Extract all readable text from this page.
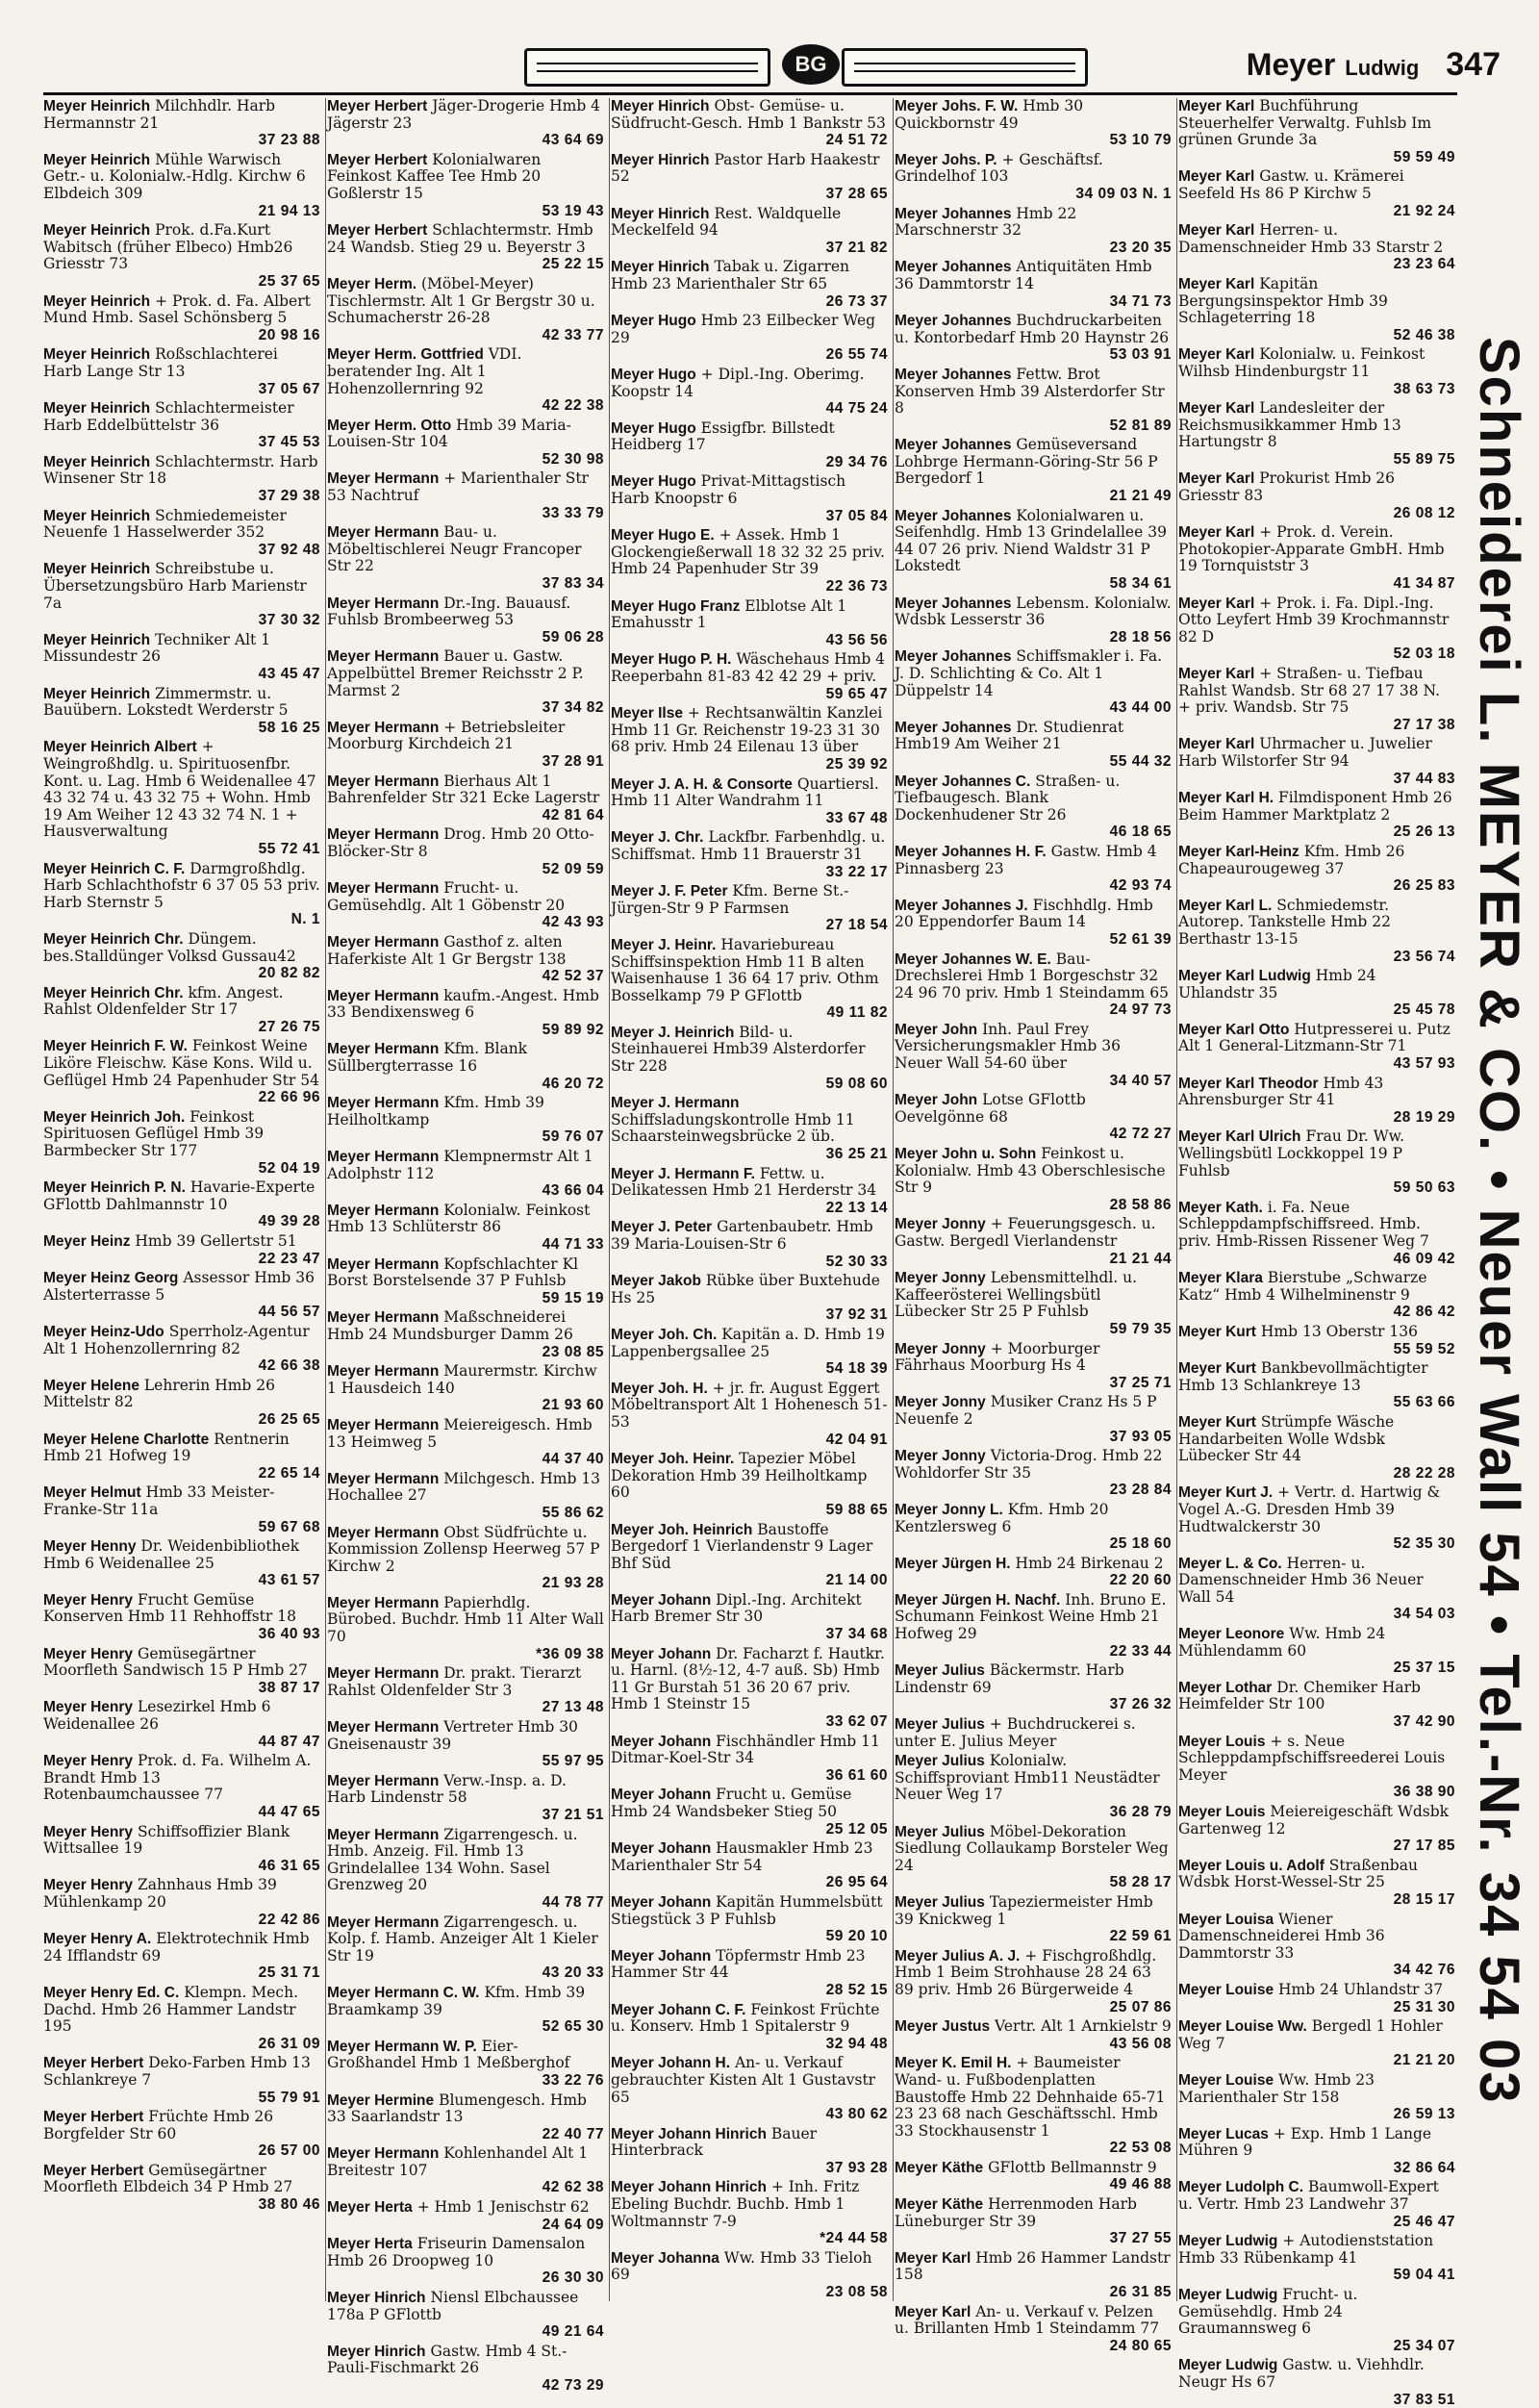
BG	Meyer Ludwig 347
Meyer Heinrich Milchhdlr. Harb Hermannstr 21
37 23 88
Meyer Heinrich Mühle Warwisch Getr.- u. Kolonialw.-Hdlg. Kirchw 6 Elbdeich 309
21 94 13
Meyer Heinrich Prok. d.Fa.Kurt Wabitsch (früher Elbeco) Hmb26 Griesstr 73
25 37 65
Meyer Heinrich + Prok. d. Fa. Albert Mund Hmb. Sasel Schönsberg 5
20 98 16
Meyer Heinrich Roßschlachterei Harb Lange Str 13
37 05 67
Meyer Heinrich Schlachtermeister Harb Eddelbüttelstr 36
37 45 53
Meyer Heinrich Schlachtermstr. Harb Winsener Str 18
37 29 38
Meyer Heinrich Schmiedemeister Neuenfe 1 Hasselwerder 352
37 92 48
Meyer Heinrich Schreibstube u. Übersetzungsbüro Harb Marienstr 7a
37 30 32
Meyer Heinrich Techniker Alt 1 Missundestr 26
43 45 47
Meyer Heinrich Zimmermstr. u. Bauübern. Lokstedt Werderstr 5
58 16 25
Meyer Heinrich Albert + Weingroßhdlg. u. Spirituosenfbr. Kont. u. Lag. Hmb 6 Weidenallee 47 43 32 74 u. 43 32 75 + Wohn. Hmb 19 Am Weiher 12 43 32 74 N. 1 + Hausverwaltung
55 72 41
Meyer Heinrich C. F. Darmgroßhdlg. Harb Schlachthofstr 6 37 05 53 priv. Harb Sternstr 5
N. 1
Meyer Heinrich Chr. Düngem. bes.Stalldünger Volksd Gussau42
20 82 82
Meyer Heinrich Chr. kfm. Angest. Rahlst Oldenfelder Str 17
27 26 75
Meyer Heinrich F. W. Feinkost Weine Liköre Fleischw. Käse Kons. Wild u. Geflügel Hmb 24 Papenhuder Str 54
22 66 96
Meyer Heinrich Joh. Feinkost Spirituosen Geflügel Hmb 39 Barmbecker Str 177
52 04 19
Meyer Heinrich P. N. Havarie-Experte GFlottb Dahlmannstr 10
49 39 28
Meyer Heinz Hmb 39 Gellertstr 51
22 23 47
Meyer Heinz Georg Assessor Hmb 36 Alsterterrasse 5
44 56 57
Meyer Heinz-Udo Sperrholz-Agentur Alt 1 Hohenzollernring 82
42 66 38
Meyer Helene Lehrerin Hmb 26 Mittelstr 82
26 25 65
Meyer Helene Charlotte Rentnerin Hmb 21 Hofweg 19
22 65 14
Meyer Helmut Hmb 33 Meister-Franke-Str 11a
59 67 68
Meyer Henny Dr. Weidenbibliothek Hmb 6 Weidenallee 25
43 61 57
Meyer Henry Frucht Gemüse Konserven Hmb 11 Rehhoffstr 18
36 40 93
Meyer Henry Gemüsegärtner Moorfleth Sandwisch 15 P Hmb 27
38 87 17
Meyer Henry Lesezirkel Hmb 6 Weidenallee 26
44 87 47
Meyer Henry Prok. d. Fa. Wilhelm A. Brandt Hmb 13 Rotenbaumchaussee 77
44 47 65
Meyer Henry Schiffsoffizier Blank Wittsallee 19
46 31 65
Meyer Henry Zahnhaus Hmb 39 Mühlenkamp 20
22 42 86
Meyer Henry A. Elektrotechnik Hmb 24 Ifflandstr 69
25 31 71
Meyer Henry Ed. C. Klempn. Mech. Dachd. Hmb 26 Hammer Landstr 195
26 31 09
Meyer Herbert Deko-Farben Hmb 13 Schlankreye 7
55 79 91
Meyer Herbert Früchte Hmb 26 Borgfelder Str 60
26 57 00
Meyer Herbert Gemüsegärtner Moorfleth Elbdeich 34 P Hmb 27
38 80 46
Meyer Herbert Jäger-Drogerie Hmb 4 Jägerstr 23
43 64 69
Meyer Herbert Kolonialwaren Feinkost Kaffee Tee Hmb 20 Goßlerstr 15
53 19 43
Meyer Herbert Schlachtermstr. Hmb 24 Wandsb. Stieg 29 u. Beyerstr 3
25 22 15
Meyer Herm. (Möbel-Meyer) Tischlermstr. Alt 1 Gr Bergstr 30 u. Schumacherstr 26-28
42 33 77
Meyer Herm. Gottfried VDI. beratender Ing. Alt 1 Hohenzollernring 92
42 22 38
Meyer Herm. Otto Hmb 39 Maria-Louisen-Str 104
52 30 98
Meyer Hermann + Marienthaler Str 53 Nachtruf
33 33 79
Meyer Hermann Bau- u. Möbeltischlerei Neugr Francoper Str 22
37 83 34
Meyer Hermann Dr.-Ing. Bauausf. Fuhlsb Brombeerweg 53
59 06 28
Meyer Hermann Bauer u. Gastw. Appelbüttel Bremer Reichsstr 2 P. Marmst 2
37 34 82
Meyer Hermann + Betriebsleiter Moorburg Kirchdeich 21
37 28 91
Meyer Hermann Bierhaus Alt 1 Bahrenfelder Str 321 Ecke Lagerstr
42 81 64
Meyer Hermann Drog. Hmb 20 Otto-Blöcker-Str 8
52 09 59
Meyer Hermann Frucht- u. Gemüsehdlg. Alt 1 Göbenstr 20
42 43 93
Meyer Hermann Gasthof z. alten Haferkiste Alt 1 Gr Bergstr 138
42 52 37
Meyer Hermann kaufm.-Angest. Hmb 33 Bendixensweg 6
59 89 92
Meyer Hermann Kfm. Blank Süllbergterrasse 16
46 20 72
Meyer Hermann Kfm. Hmb 39 Heilholtkamp
59 76 07
Meyer Hermann Klempnermstr Alt 1 Adolphstr 112
43 66 04
Meyer Hermann Kolonialw. Feinkost Hmb 13 Schlüterstr 86
44 71 33
Meyer Hermann Kopfschlachter Kl Borst Borstelsende 37 P Fuhlsb
59 15 19
Meyer Hermann Maßschneiderei Hmb 24 Mundsburger Damm 26
23 08 85
Meyer Hermann Maurermstr. Kirchw 1 Hausdeich 140
21 93 60
Meyer Hermann Meiereigesch. Hmb 13 Heimweg 5
44 37 40
Meyer Hermann Milchgesch. Hmb 13 Hochallee 27
55 86 62
Meyer Hermann Obst Südfrüchte u. Kommission Zollensp Heerweg 57 P Kirchw 2
21 93 28
Meyer Hermann Papierhdlg. Bürobed. Buchdr. Hmb 11 Alter Wall 70
*36 09 38
Meyer Hermann Dr. prakt. Tierarzt Rahlst Oldenfelder Str 3
27 13 48
Meyer Hermann Vertreter Hmb 30 Gneisenaustr 39
55 97 95
Meyer Hermann Verw.-Insp. a. D. Harb Lindenstr 58
37 21 51
Meyer Hermann Zigarrengesch. u. Hmb. Anzeig. Fil. Hmb 13 Grindelallee 134 Wohn. Sasel Grenzweg 20
44 78 77
Meyer Hermann Zigarrengesch. u. Kolp. f. Hamb. Anzeiger Alt 1 Kieler Str 19
43 20 33
Meyer Hermann C. W. Kfm. Hmb 39 Braamkamp 39
52 65 30
Meyer Hermann W. P. Eier-Großhandel Hmb 1 Meßberghof
33 22 76
Meyer Hermine Blumengesch. Hmb 33 Saarlandstr 13
22 40 77
Meyer Hermann Kohlenhandel Alt 1 Breitestr 107
42 62 38
Meyer Herta + Hmb 1 Jenischstr 62
24 64 09
Meyer Herta Friseurin Damensalon Hmb 26 Droopweg 10
26 30 30
Meyer Hinrich Niensl Elbchaussee 178a P GFlottb
49 21 64
Meyer Hinrich Gastw. Hmb 4 St.-Pauli-Fischmarkt 26
42 73 29
Meyer Hinrich Obst- Gemüse- u. Südfrucht-Gesch. Hmb 1 Bankstr 53
24 51 72
Meyer Hinrich Pastor Harb Haakestr 52
37 28 65
Meyer Hinrich Rest. Waldquelle Meckelfeld 94
37 21 82
Meyer Hinrich Tabak u. Zigarren Hmb 23 Marienthaler Str 65
26 73 37
Meyer Hugo Hmb 23 Eilbecker Weg 29
26 55 74
Meyer Hugo + Dipl.-Ing. Oberimg. Koopstr 14
44 75 24
Meyer Hugo Essigfbr. Billstedt Heidberg 17
29 34 76
Meyer Hugo Privat-Mittagstisch Harb Knoopstr 6
37 05 84
Meyer Hugo E. + Assek. Hmb 1 Glockengießerwall 18 32 32 25 priv. Hmb 24 Papenhuder Str 39
22 36 73
Meyer Hugo Franz Elblotse Alt 1 Emahusstr 1
43 56 56
Meyer Hugo P. H. Wäschehaus Hmb 4 Reeperbahn 81-83 42 42 29 + priv.
59 65 47
Meyer Ilse + Rechtsanwältin Kanzlei Hmb 11 Gr. Reichenstr 19-23 31 30 68 priv. Hmb 24 Eilenau 13 über
25 39 92
Meyer J. A. H. & Consorte Quartiersl. Hmb 11 Alter Wandrahm 11
33 67 48
Meyer J. Chr. Lackfbr. Farbenhdlg. u. Schiffsmat. Hmb 11 Brauerstr 31
33 22 17
Meyer J. F. Peter Kfm. Berne St.-Jürgen-Str 9 P Farmsen
27 18 54
Meyer J. Heinr. Havariebureau Schiffsinspektion Hmb 11 B alten Waisenhause 1 36 64 17 priv. Othm Bosselkamp 79 P GFlottb
49 11 82
Meyer J. Heinrich Bild- u. Steinhauerei Hmb39 Alsterdorfer Str 228
59 08 60
Meyer J. Hermann Schiffsladungskontrolle Hmb 11 Schaarsteinwegsbrücke 2 üb.
36 25 21
Meyer J. Hermann F. Fettw. u. Delikatessen Hmb 21 Herderstr 34
22 13 14
Meyer J. Peter Gartenbaubetr. Hmb 39 Maria-Louisen-Str 6
52 30 33
Meyer Jakob Rübke über Buxtehude Hs 25
37 92 31
Meyer Joh. Ch. Kapitän a. D. Hmb 19 Lappenbergsallee 25
54 18 39
Meyer Joh. H. + jr. fr. August Eggert Möbeltransport Alt 1 Hohenesch 51-53
42 04 91
Meyer Joh. Heinr. Tapezier Möbel Dekoration Hmb 39 Heilholtkamp 60
59 88 65
Meyer Joh. Heinrich Baustoffe Bergedorf 1 Vierlandenstr 9 Lager Bhf Süd
21 14 00
Meyer Johann Dipl.-Ing. Architekt Harb Bremer Str 30
37 34 68
Meyer Johann Dr. Facharzt f. Hautkr. u. Harnl. (8½-12, 4-7 auß. Sb) Hmb 11 Gr Burstah 51 36 20 67 priv. Hmb 1 Steinstr 15
33 62 07
Meyer Johann Fischhändler Hmb 11 Ditmar-Koel-Str 34
36 61 60
Meyer Johann Frucht u. Gemüse Hmb 24 Wandsbeker Stieg 50
25 12 05
Meyer Johann Hausmakler Hmb 23 Marienthaler Str 54
26 95 64
Meyer Johann Kapitän Hummelsbütt Stiegstück 3 P Fuhlsb
59 20 10
Meyer Johann Töpfermstr Hmb 23 Hammer Str 44
28 52 15
Meyer Johann C. F. Feinkost Früchte u. Konserv. Hmb 1 Spitalerstr 9
32 94 48
Meyer Johann H. An- u. Verkauf gebrauchter Kisten Alt 1 Gustavstr 65
43 80 62
Meyer Johann Hinrich Bauer Hinterbrack
37 93 28
Meyer Johann Hinrich + Inh. Fritz Ebeling Buchdr. Buchb. Hmb 1 Woltmannstr 7-9
*24 44 58
Meyer Johanna Ww. Hmb 33 Tieloh 69
23 08 58
Meyer Johs. F. W. Hmb 30 Quickbornstr 49
53 10 79
Meyer Johs. P. + Geschäftsf. Grindelhof 103
34 09 03 N. 1
Meyer Johannes Hmb 22 Marschnerstr 32
23 20 35
Meyer Johannes Antiquitäten Hmb 36 Dammtorstr 14
34 71 73
Meyer Johannes Buchdruckarbeiten u. Kontorbedarf Hmb 20 Haynstr 26
53 03 91
Meyer Johannes Fettw. Brot Konserven Hmb 39 Alsterdorfer Str 8
52 81 89
Meyer Johannes Gemüseversand Lohbrge Hermann-Göring-Str 56 P Bergedorf 1
21 21 49
Meyer Johannes Kolonialwaren u. Seifenhdlg. Hmb 13 Grindelallee 39 44 07 26 priv. Niend Waldstr 31 P Lokstedt
58 34 61
Meyer Johannes Lebensm. Kolonialw. Wdsbk Lesserstr 36
28 18 56
Meyer Johannes Schiffsmakler i. Fa. J. D. Schlichting & Co. Alt 1 Düppelstr 14
43 44 00
Meyer Johannes Dr. Studienrat Hmb19 Am Weiher 21
55 44 32
Meyer Johannes C. Straßen- u. Tiefbaugesch. Blank Dockenhudener Str 26
46 18 65
Meyer Johannes H. F. Gastw. Hmb 4 Pinnasberg 23
42 93 74
Meyer Johannes J. Fischhdlg. Hmb 20 Eppendorfer Baum 14
52 61 39
Meyer Johannes W. E. Bau-Drechslerei Hmb 1 Borgeschstr 32 24 96 70 priv. Hmb 1 Steindamm 65
24 97 73
Meyer John Inh. Paul Frey Versicherungsmakler Hmb 36 Neuer Wall 54-60 über
34 40 57
Meyer John Lotse GFlottb Oevelgönne 68
42 72 27
Meyer John u. Sohn Feinkost u. Kolonialw. Hmb 43 Oberschlesische Str 9
28 58 86
Meyer Jonny + Feuerungsgesch. u. Gastw. Bergedl Vierlandenstr
21 21 44
Meyer Jonny Lebensmittelhdl. u. Kaffeerösterei Wellingsbütl Lübecker Str 25 P Fuhlsb
59 79 35
Meyer Jonny + Moorburger Fährhaus Moorburg Hs 4
37 25 71
Meyer Jonny Musiker Cranz Hs 5 P Neuenfe 2
37 93 05
Meyer Jonny Victoria-Drog. Hmb 22 Wohldorfer Str 35
23 28 84
Meyer Jonny L. Kfm. Hmb 20 Kentzlersweg 6
25 18 60
Meyer Jürgen H. Hmb 24 Birkenau 2
22 20 60
Meyer Jürgen H. Nachf. Inh. Bruno E. Schumann Feinkost Weine Hmb 21 Hofweg 29
22 33 44
Meyer Julius Bäckermstr. Harb Lindenstr 69
37 26 32
Meyer Julius + Buchdruckerei s. unter E. Julius Meyer
Meyer Julius Kolonialw. Schiffsproviant Hmb11 Neustädter Neuer Weg 17
36 28 79
Meyer Julius Möbel-Dekoration Siedlung Collaukamp Borsteler Weg 24
58 28 17
Meyer Julius Tapeziermeister Hmb 39 Knickweg 1
22 59 61
Meyer Julius A. J. + Fischgroßhdlg. Hmb 1 Beim Strohhause 28 24 63 89 priv. Hmb 26 Bürgerweide 4
25 07 86
Meyer Justus Vertr. Alt 1 Arnkielstr 9
43 56 08
Meyer K. Emil H. + Baumeister Wand- u. Fußbodenplatten Baustoffe Hmb 22 Dehnhaide 65-71 23 23 68 nach Geschäftsschl. Hmb 33 Stockhausenstr 1
22 53 08
Meyer Käthe GFlottb Bellmannstr 9
49 46 88
Meyer Käthe Herrenmoden Harb Lüneburger Str 39
37 27 55
Meyer Karl Hmb 26 Hammer Landstr 158
26 31 85
Meyer Karl An- u. Verkauf v. Pelzen u. Brillanten Hmb 1 Steindamm 77
24 80 65
Meyer Karl Buchführung Steuerhelfer Verwaltg. Fuhlsb Im grünen Grunde 3a
59 59 49
Meyer Karl Gastw. u. Krämerei Seefeld Hs 86 P Kirchw 5
21 92 24
Meyer Karl Herren- u. Damenschneider Hmb 33 Starstr 2
23 23 64
Meyer Karl Kapitän Bergungsinspektor Hmb 39 Schlageterring 18
52 46 38
Meyer Karl Kolonialw. u. Feinkost Wilhsb Hindenburgstr 11
38 63 73
Meyer Karl Landesleiter der Reichsmusikkammer Hmb 13 Hartungstr 8
55 89 75
Meyer Karl Prokurist Hmb 26 Griesstr 83
26 08 12
Meyer Karl + Prok. d. Verein. Photokopier-Apparate GmbH. Hmb 19 Tornquiststr 3
41 34 87
Meyer Karl + Prok. i. Fa. Dipl.-Ing. Otto Leyfert Hmb 39 Krochmannstr 82 D
52 03 18
Meyer Karl + Straßen- u. Tiefbau Rahlst Wandsb. Str 68 27 17 38 N. + priv. Wandsb. Str 75
27 17 38
Meyer Karl Uhrmacher u. Juwelier Harb Wilstorfer Str 94
37 44 83
Meyer Karl H. Filmdisponent Hmb 26 Beim Hammer Marktplatz 2
25 26 13
Meyer Karl-Heinz Kfm. Hmb 26 Chapeaurougeweg 37
26 25 83
Meyer Karl L. Schmiedemstr. Autorep. Tankstelle Hmb 22 Berthastr 13-15
23 56 74
Meyer Karl Ludwig Hmb 24 Uhlandstr 35
25 45 78
Meyer Karl Otto Hutpresserei u. Putz Alt 1 General-Litzmann-Str 71
43 57 93
Meyer Karl Theodor Hmb 43 Ahrensburger Str 41
28 19 29
Meyer Karl Ulrich Frau Dr. Ww. Wellingsbütl Lockkoppel 19 P Fuhlsb
59 50 63
Meyer Kath. i. Fa. Neue Schleppdampfschiffsreed. Hmb. priv. Hmb-Rissen Rissener Weg 7
46 09 42
Meyer Klara Bierstube „Schwarze Katz“ Hmb 4 Wilhelminenstr 9
42 86 42
Meyer Kurt Hmb 13 Oberstr 136
55 59 52
Meyer Kurt Bankbevollmächtigter Hmb 13 Schlankreye 13
55 63 66
Meyer Kurt Strümpfe Wäsche Handarbeiten Wolle Wdsbk Lübecker Str 44
28 22 28
Meyer Kurt J. + Vertr. d. Hartwig & Vogel A.-G. Dresden Hmb 39 Hudtwalckerstr 30
52 35 30
Meyer L. & Co. Herren- u. Damenschneider Hmb 36 Neuer Wall 54
34 54 03
Meyer Leonore Ww. Hmb 24 Mühlendamm 60
25 37 15
Meyer Lothar Dr. Chemiker Harb Heimfelder Str 100
37 42 90
Meyer Louis + s. Neue Schleppdampfschiffsreederei Louis Meyer
36 38 90
Meyer Louis Meiereigeschäft Wdsbk Gartenweg 12
27 17 85
Meyer Louis u. Adolf Straßenbau Wdsbk Horst-Wessel-Str 25
28 15 17
Meyer Louisa Wiener Damenschneiderei Hmb 36 Dammtorstr 33
34 42 76
Meyer Louise Hmb 24 Uhlandstr 37
25 31 30
Meyer Louise Ww. Bergedl 1 Hohler Weg 7
21 21 20
Meyer Louise Ww. Hmb 23 Marienthaler Str 158
26 59 13
Meyer Lucas + Exp. Hmb 1 Lange Mühren 9
32 86 64
Meyer Ludolph C. Baumwoll-Expert u. Vertr. Hmb 23 Landwehr 37
25 46 47
Meyer Ludwig + Autodienststation Hmb 33 Rübenkamp 41
59 04 41
Meyer Ludwig Frucht- u. Gemüsehdlg. Hmb 24 Graumannsweg 6
25 34 07
Meyer Ludwig Gastw. u. Viehhdlr. Neugr Hs 67
37 83 51
Schneiderei L. MEYER & CO. • Neuer Wall 54 • Tel.-Nr. 34 54 03
